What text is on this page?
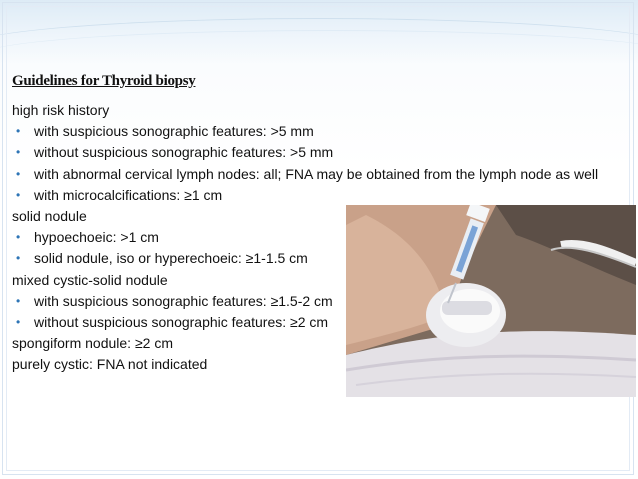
Guidelines for Thyroid biopsy
high risk history
• with suspicious sonographic features: >5 mm
• without suspicious sonographic features: >5 mm
• with abnormal cervical lymph nodes: all; FNA may be obtained from the lymph node as well
• with microcalcifications: ≥1 cm
solid nodule
• hypoechoeic: >1 cm
• solid nodule, iso or hyperechoeic: ≥1-1.5 cm
mixed cystic-solid nodule
• with suspicious sonographic features: ≥1.5-2 cm
• without suspicious sonographic features: ≥2 cm
spongiform nodule: ≥2 cm
purely cystic: FNA not indicated
